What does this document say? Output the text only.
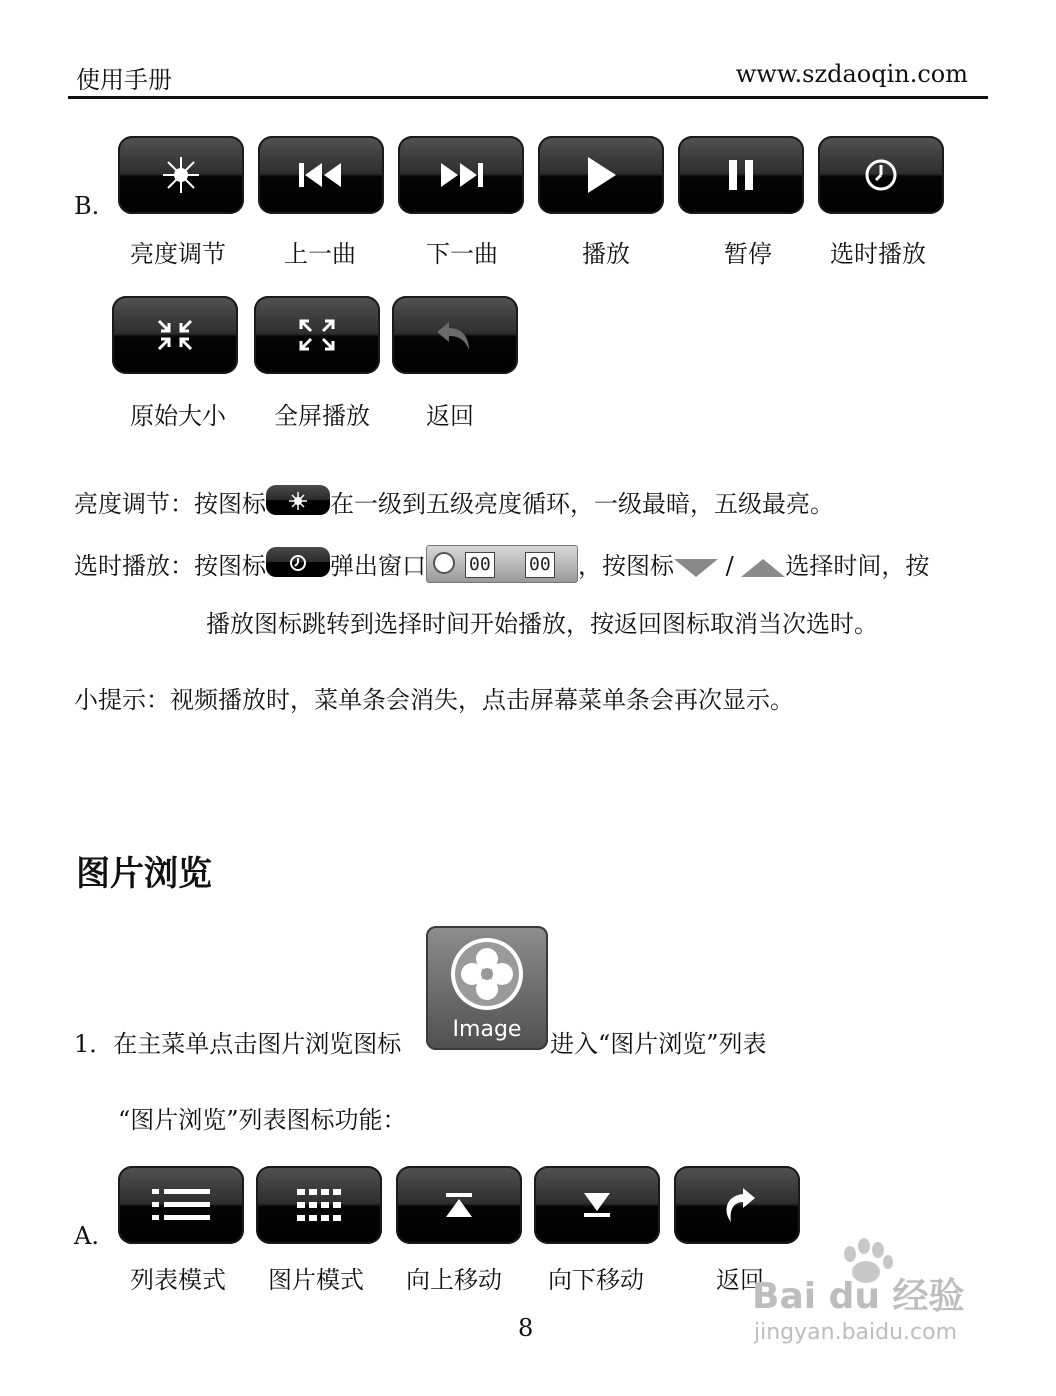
使用手册	www.szdaoqin.com
B.
亮度调节	上一曲	下一曲	播放	暂停	选时播放
原始大小	全屏播放	返回
亮度调节：按图标	在一级到五级亮度循环，一级最暗，五级最亮。
选时播放：按图标	弹出窗口 00 00 ，按图标 / 选择时间，按
播放图标跳转到选择时间开始播放，按返回图标取消当次选时。
小提示：视频播放时，菜单条会消失，点击屏幕菜单条会再次显示。
图片浏览
Image
1．在主菜单点击图片浏览图标	进入“图片浏览”列表
“图片浏览”列表图标功能：
A.
列表模式	图片模式	向上移动	向下移动	返回
8
Bai du 经验
jingyan.baidu.com
